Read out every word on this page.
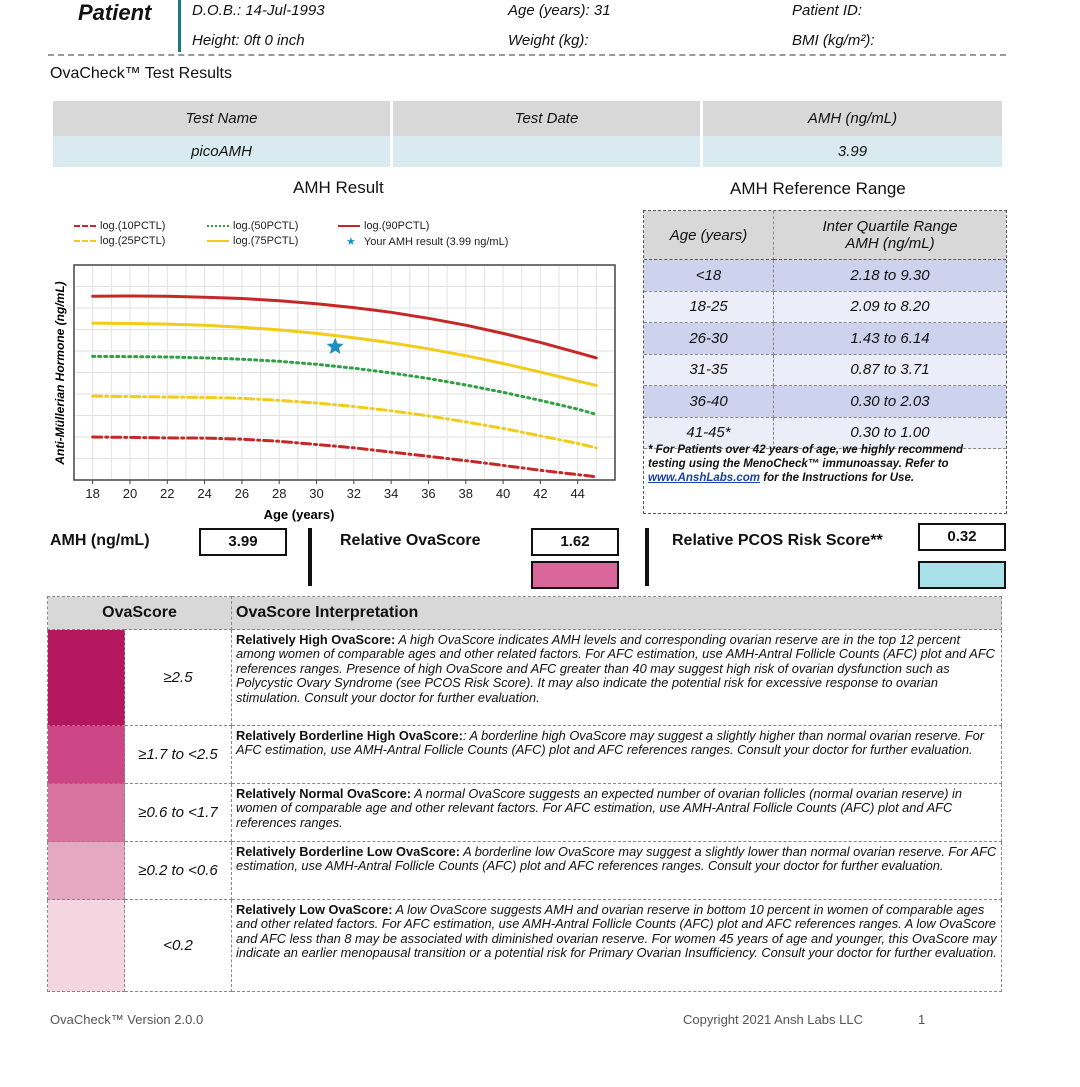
Patient	D.O.B.: 14-Jul-1993
Height: 0ft 0 inch
Age (years): 31
Weight (kg):
Patient ID:
BMI (kg/m²):
OvaCheck™ Test Results
Test Name	Test Date	AMH (ng/mL)
picoAMH		3.99
AMH Result	AMH Reference Range
log.(10PCTL)	log.(50PCTL)	log.(90PCTL)
log.(25PCTL)	log.(75PCTL)	★ Your AMH result (3.99 ng/mL)
18 20 22 24 26 28 30 32 34 36 38 40 42 44
Age (years)
Anti-Müllerian Hormone (ng/mL)
Age (years)	Inter Quartile Range
AMH (ng/mL)
<18	2.18 to 9.30
18-25	2.09 to 8.20
26-30	1.43 to 6.14
31-35	0.87 to 3.71
36-40	0.30 to 2.03
41-45*	0.30 to 1.00
* For Patients over 42 years of age, we highly recommend testing using the MenoCheck™ immunoassay. Refer to www.AnshLabs.com for the Instructions for Use.
AMH (ng/mL)	3.99	Relative OvaScore	1.62	Relative PCOS Risk Score**	0.32
OvaScore		OvaScore Interpretation
	≥2.5	Relatively High OvaScore: A high OvaScore indicates AMH levels and corresponding ovarian reserve are in the top 12 percent among women of comparable ages and other related factors. For AFC estimation, use AMH-Antral Follicle Counts (AFC) plot and AFC references ranges. Presence of high OvaScore and AFC greater than 40 may suggest high risk of ovarian dysfunction such as Polycystic Ovary Syndrome (see PCOS Risk Score). It may also indicate the potential risk for excessive response to ovarian stimulation. Consult your doctor for further evaluation.
	≥1.7 to <2.5	Relatively Borderline High OvaScore:: A borderline high OvaScore may suggest a slightly higher than normal ovarian reserve. For AFC estimation, use AMH-Antral Follicle Counts (AFC) plot and AFC references ranges. Consult your doctor for further evaluation.
	≥0.6 to <1.7	Relatively Normal OvaScore: A normal OvaScore suggests an expected number of ovarian follicles (normal ovarian reserve) in women of comparable age and other relevant factors. For AFC estimation, use AMH-Antral Follicle Counts (AFC) plot and AFC references ranges.
	≥0.2 to <0.6	Relatively Borderline Low OvaScore: A borderline low OvaScore may suggest a slightly lower than normal ovarian reserve. For AFC estimation, use AMH-Antral Follicle Counts (AFC) plot and AFC references ranges. Consult your doctor for further evaluation.
	<0.2	Relatively Low OvaScore: A low OvaScore suggests AMH and ovarian reserve in bottom 10 percent in women of comparable ages and other related factors. For AFC estimation, use AMH-Antral Follicle Counts (AFC) plot and AFC references ranges. A low OvaScore and AFC less than 8 may be associated with diminished ovarian reserve. For women 45 years of age and younger, this OvaScore may indicate an earlier menopausal transition or a potential risk for Primary Ovarian Insufficiency. Consult your doctor for further evaluation.
OvaCheck™ Version 2.0.0	Copyright 2021 Ansh Labs LLC	1
